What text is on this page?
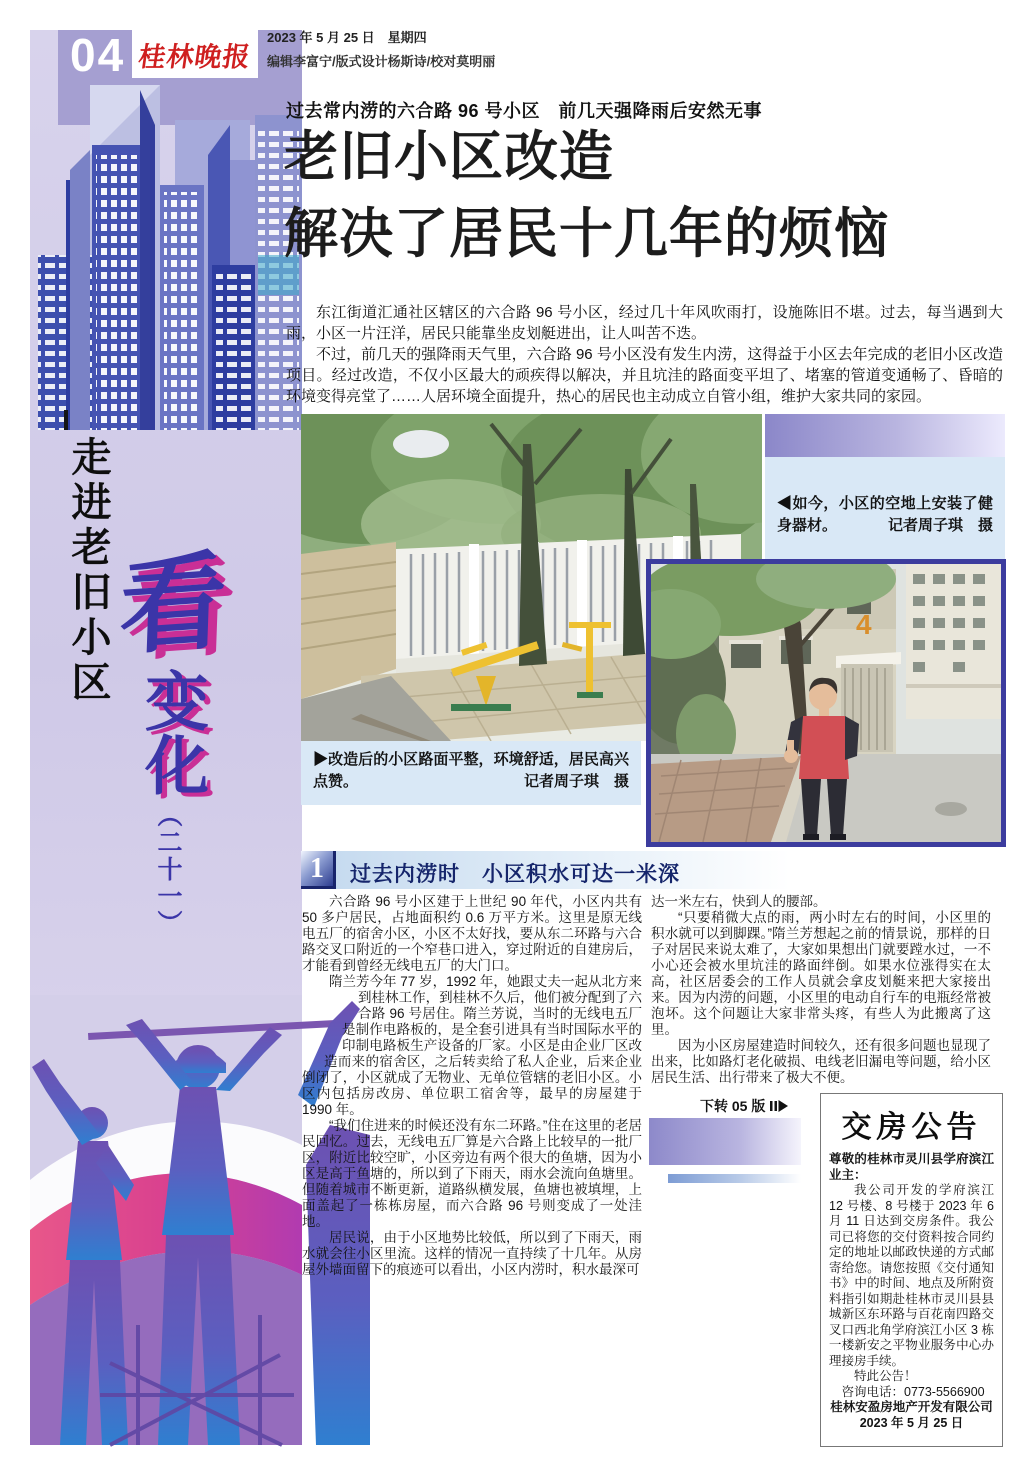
走进老旧小区 看
变化
（二十一）
04 桂林晚报
2023 年 5 月 25 日　星期四
编辑李富宁/版式设计杨斯诗/校对莫明丽
过去常内涝的六合路 96 号小区　前几天强降雨后安然无事
老旧小区改造
解决了居民十几年的烦恼

东江街道汇通社区辖区的六合路 96 号小区，经过几十年风吹雨打，设施陈旧不堪。过去，每当遇到大雨，小区一片汪洋，居民只能靠坐皮划艇进出，让人叫苦不迭。

不过，前几天的强降雨天气里，六合路 96 号小区没有发生内涝，这得益于小区去年完成的老旧小区改造项目。经过改造，不仅小区最大的顽疾得以解决，并且坑洼的路面变平坦了、堵塞的管道变通畅了、昏暗的环境变得亮堂了……人居环境全面提升，热心的居民也主动成立自管小组，维护大家共同的家园。

◀如今，小区的空地上安装了健身器材。	记者周子琪　摄
4
▶改造后的小区路面平整，环境舒适，居民高兴点赞。	记者周子琪　摄
1	过去内涝时　小区积水可达一米深

六合路 96 号小区建于上世纪 90 年代，小区内共有 50 多户居民，占地面积约 0.6 万平方米。这里是原无线电五厂的宿舍小区，小区不太好找，要从东二环路与六合路交叉口附近的一个窄巷口进入，穿过附近的自建房后，才能看到曾经无线电五厂的大门口。

隋兰芳今年 77 岁，1992 年，她跟丈夫一起从北方来到桂林工作，到桂林不久后，他们被分配到了六合路 96 号居住。隋兰芳说，当时的无线电五厂是制作电路板的，是全套引进具有当时国际水平的印制电路板生产设备的厂家。小区是由企业厂区改造而来的宿舍区，之后转卖给了私人企业，后来企业倒闭了，小区就成了无物业、无单位管辖的老旧小区。小区内包括房改房、单位职工宿舍等，最早的房屋建于 1990 年。

“我们住进来的时候还没有东二环路。”住在这里的老居民回忆。过去，无线电五厂算是六合路上比较早的一批厂区，附近比较空旷，小区旁边有两个很大的鱼塘，因为小区是高于鱼塘的，所以到了下雨天，雨水会流向鱼塘里。但随着城市不断更新，道路纵横发展，鱼塘也被填埋，上面盖起了一栋栋房屋，而六合路 96 号则变成了一处洼地。

居民说，由于小区地势比较低，所以到了下雨天，雨水就会往小区里流。这样的情况一直持续了十几年。从房屋外墙面留下的痕迹可以看出，小区内涝时，积水最深可

达一米左右，快到人的腰部。

“只要稍微大点的雨，两小时左右的时间，小区里的积水就可以到脚踝。”隋兰芳想起之前的情景说，那样的日子对居民来说太难了，大家如果想出门就要蹚水过，一不小心还会被水里坑洼的路面绊倒。如果水位涨得实在太高，社区居委会的工作人员就会拿皮划艇来把大家接出来。因为内涝的问题，小区里的电动自行车的电瓶经常被泡坏。这个问题让大家非常头疼，有些人为此搬离了这里。

因为小区房屋建造时间较久，还有很多问题也显现了出来，比如路灯老化破损、电线老旧漏电等问题，给小区居民生活、出行带来了极大不便。

下转 05 版
交房公告

尊敬的桂林市灵川县学府滨江业主：

我公司开发的学府滨江 12 号楼、8 号楼于 2023 年 6 月 11 日达到交房条件。我公司已将您的交付资料按合同约定的地址以邮政快递的方式邮寄给您。请您按照《交付通知书》中的时间、地点及所附资料指引如期赴桂林市灵川县县城新区东环路与百花南四路交叉口西北角学府滨江小区 3 栋一楼新安之平物业服务中心办理接房手续。

特此公告！

咨询电话：0773-5566900

桂林安盈房地产开发有限公司

2023 年 5 月 25 日
